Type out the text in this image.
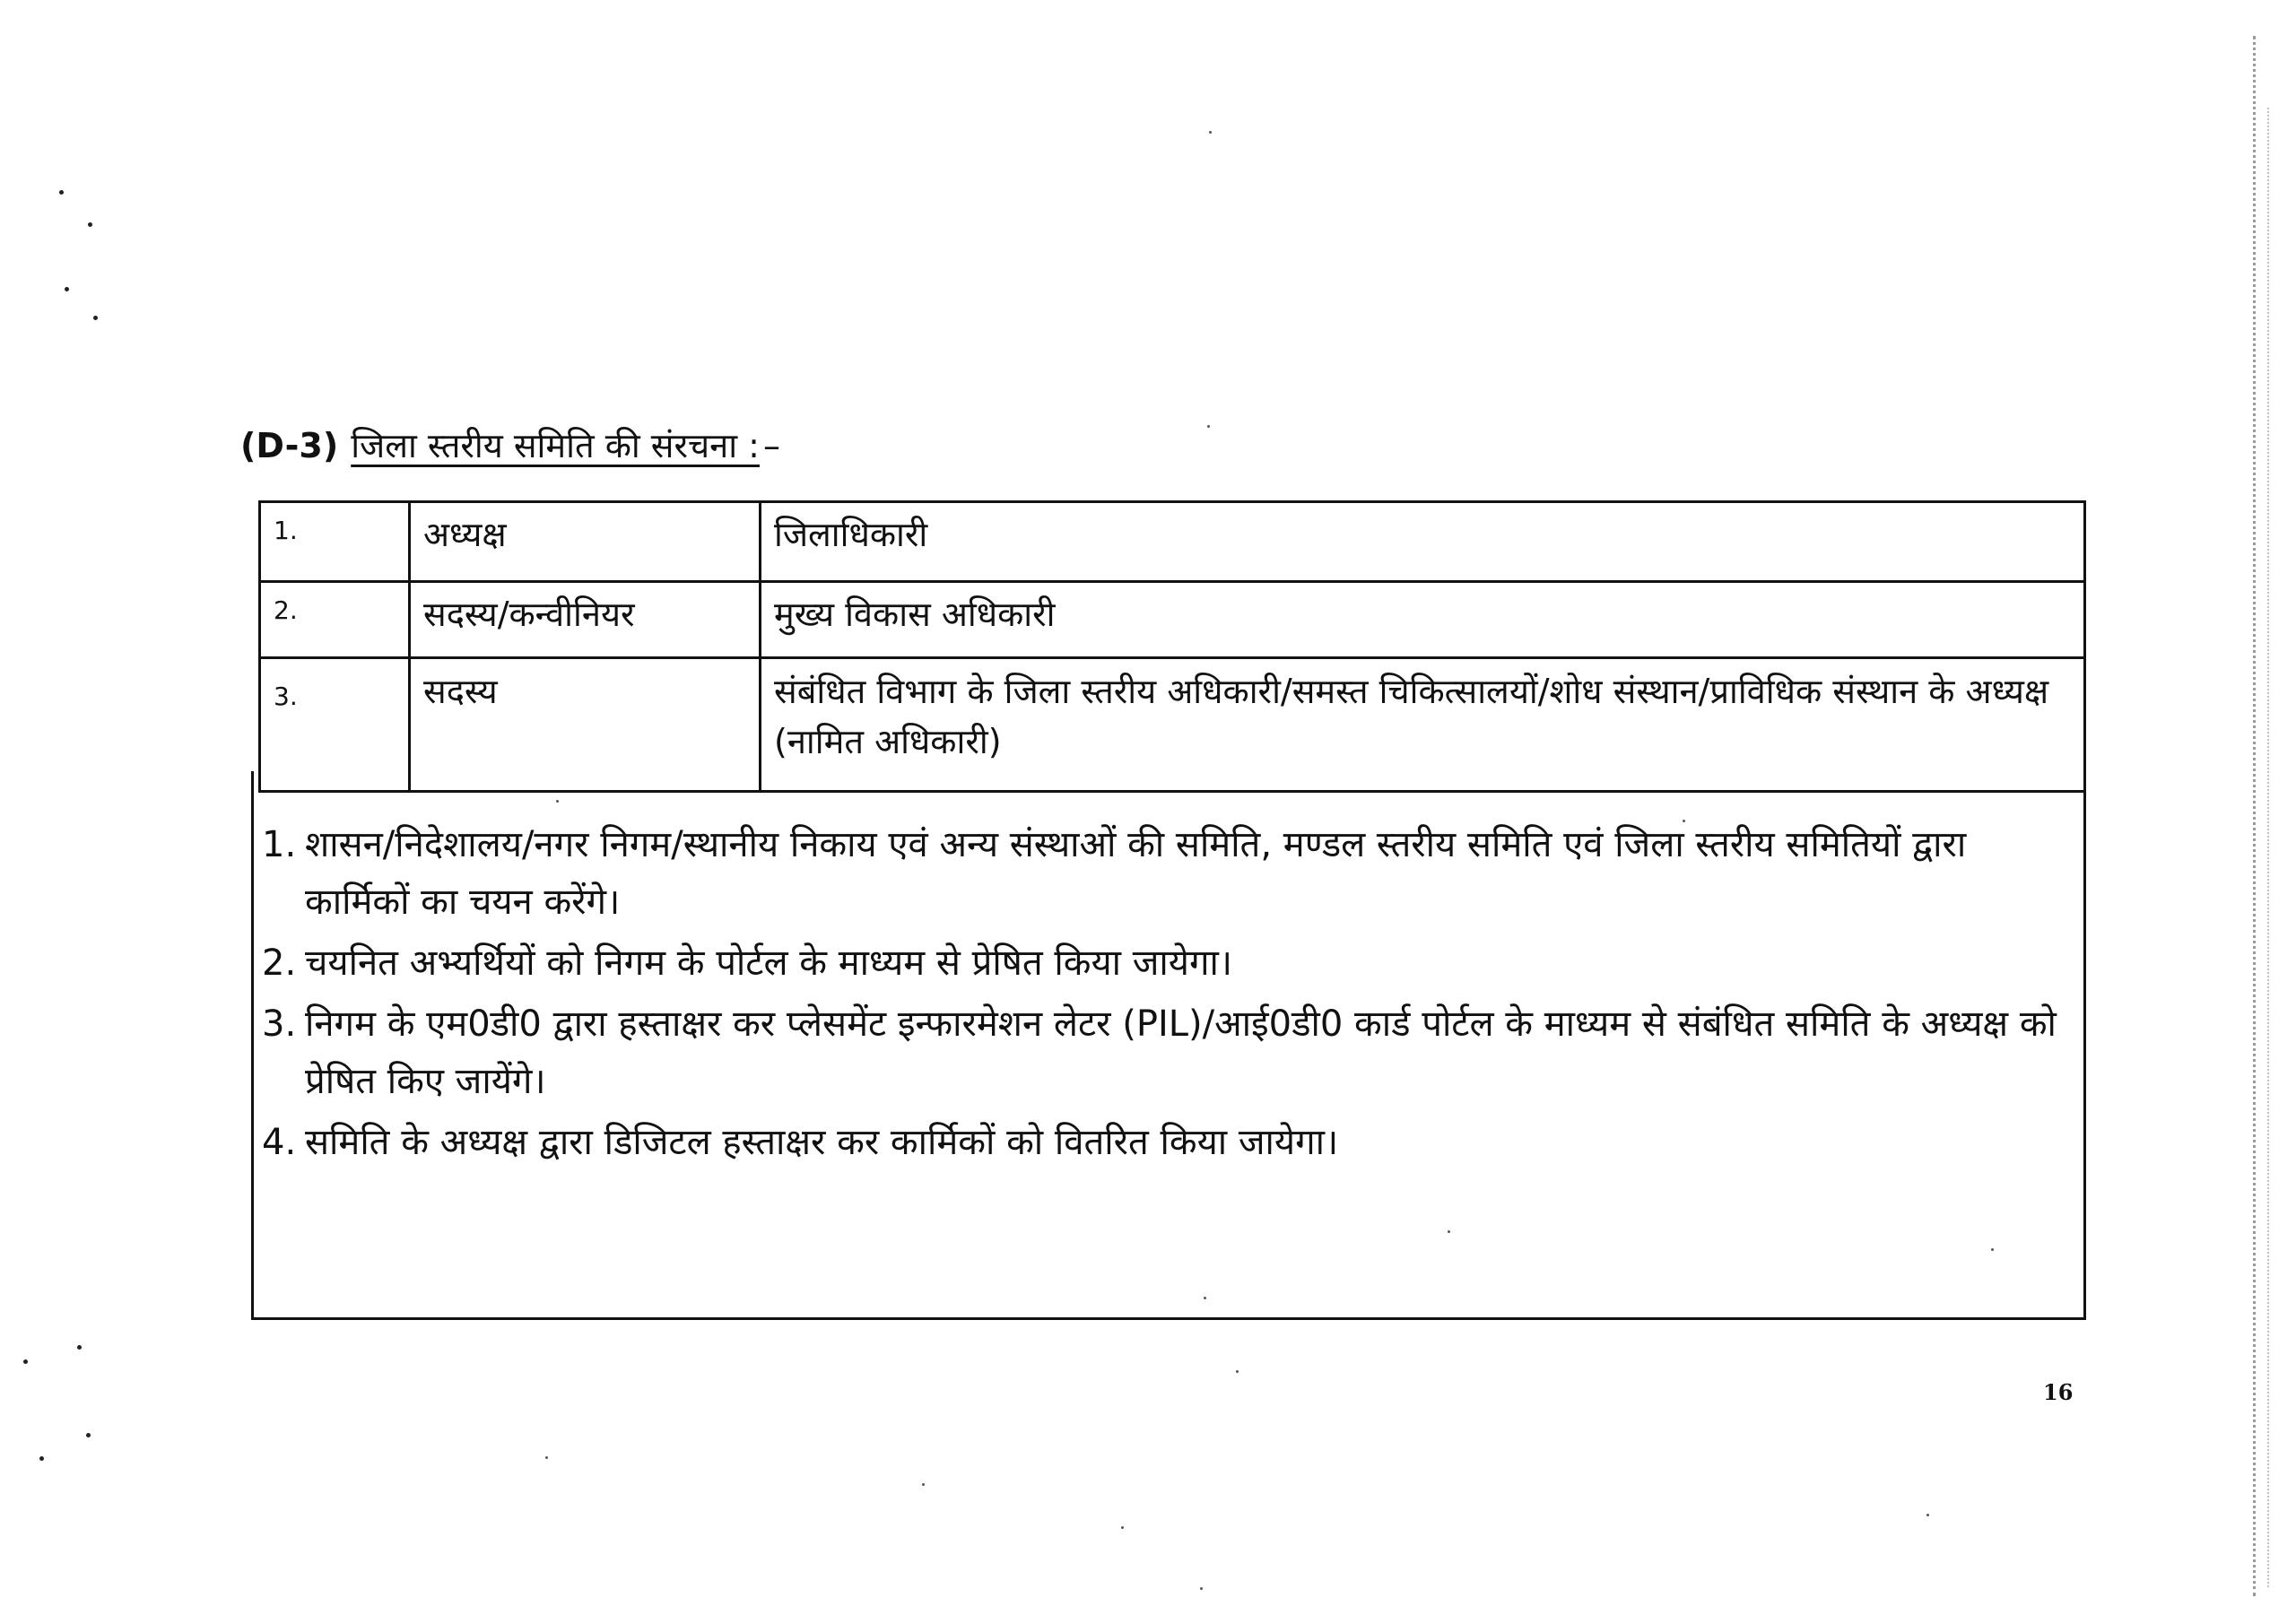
(D-3) जिला स्तरीय समिति की संरचना : –
1.	अध्यक्ष	जिलाधिकारी
2.	सदस्य/कन्वीनियर	मुख्य विकास अधिकारी
3.	सदस्य	संबंधित विभाग के जिला स्तरीय अधिकारी/समस्त चिकित्सालयों/शोध संस्थान/प्राविधिक संस्थान के अध्यक्ष (नामित अधिकारी)
1. शासन/निदेशालय/नगर निगम/स्थानीय निकाय एवं अन्य संस्थाओं की समिति, मण्डल स्तरीय समिति एवं जिला स्तरीय समितियों द्वारा कार्मिकों का चयन करेंगे।
2. चयनित अभ्यर्थियों को निगम के पोर्टल के माध्यम से प्रेषित किया जायेगा।
3. निगम के एम0डी0 द्वारा हस्ताक्षर कर प्लेसमेंट इन्फारमेशन लेटर (PIL)/आई0डी0 कार्ड पोर्टल के माध्यम से संबंधित समिति के अध्यक्ष को प्रेषित किए जायेंगे।
4. समिति के अध्यक्ष द्वारा डिजिटल हस्ताक्षर कर कार्मिकों को वितरित किया जायेगा।
16
